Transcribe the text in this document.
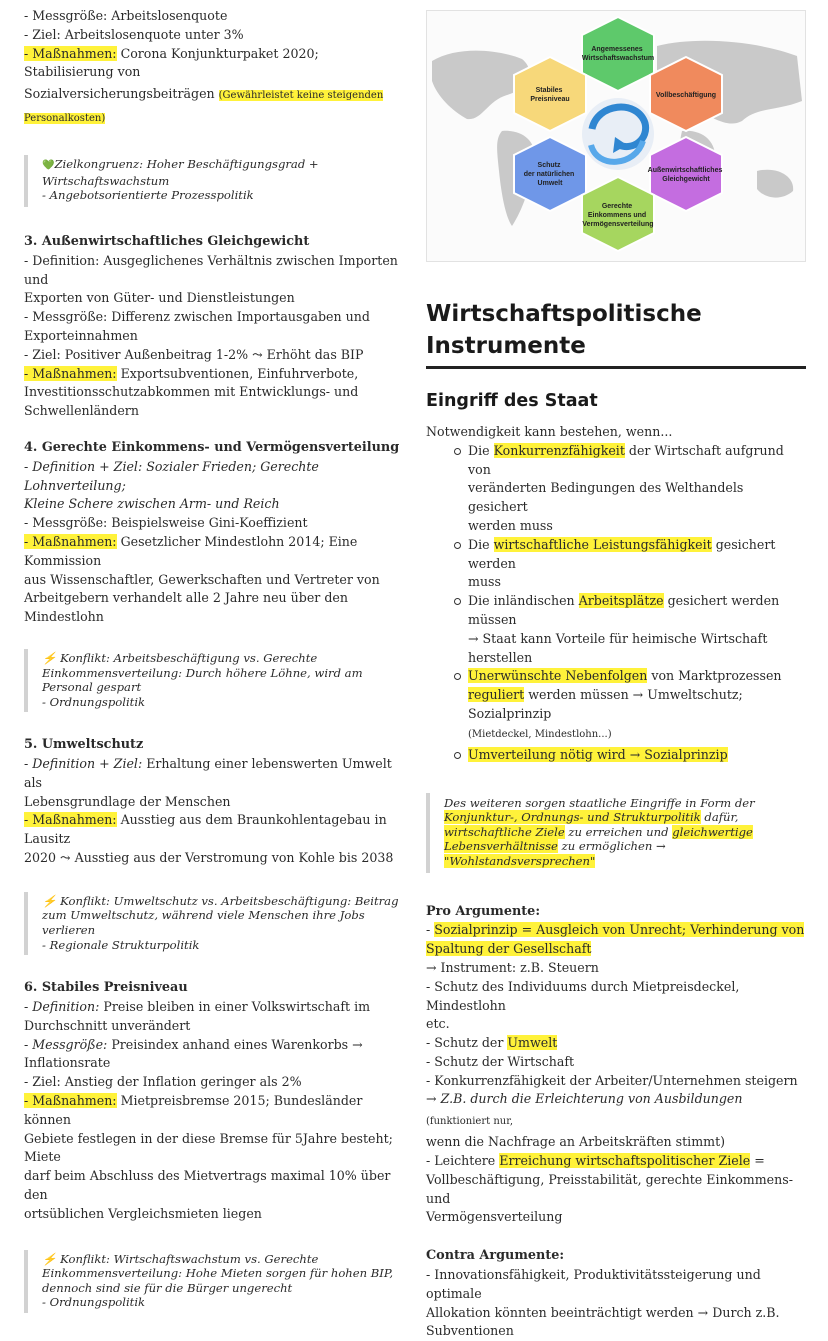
- Messgröße: Arbeitslosenquote

- Ziel: Arbeitslosenquote unter 3%

- Maßnahmen: Corona Konjunkturpaket 2020; Stabilisierung von

Sozialversicherungsbeiträgen (Gewährleistet keine steigenden

Personalkosten)

💚Zielkongruenz: Hoher Beschäftigungsgrad +
Wirtschaftswachstum
- Angebotsorientierte Prozesspolitik
3. Außenwirtschaftliches Gleichgewicht

- Definition: Ausgeglichenes Verhältnis zwischen Importen und

Exporten von Güter- und Dienstleistungen

- Messgröße: Differenz zwischen Importausgaben und

Exporteinnahmen

- Ziel: Positiver Außenbeitrag 1-2% ⤳ Erhöht das BIP

- Maßnahmen: Exportsubventionen, Einfuhrverbote,

Investitionsschutzabkommen mit Entwicklungs- und

Schwellenländern

4. Gerechte Einkommens- und Vermögensverteilung

- Definition + Ziel: Sozialer Frieden; Gerechte Lohnverteilung;

Kleine Schere zwischen Arm- und Reich

- Messgröße: Beispielsweise Gini-Koeffizient

- Maßnahmen: Gesetzlicher Mindestlohn 2014; Eine Kommission

aus Wissenschaftler, Gewerkschaften und Vertreter von

Arbeitgebern verhandelt alle 2 Jahre neu über den Mindestlohn

⚡ Konflikt: Arbeitsbeschäftigung vs. Gerechte
Einkommensverteilung: Durch höhere Löhne, wird am
Personal gespart
- Ordnungspolitik
5. Umweltschutz

- Definition + Ziel: Erhaltung einer lebenswerten Umwelt als

Lebensgrundlage der Menschen

- Maßnahmen: Ausstieg aus dem Braunkohlentagebau in Lausitz

2020 ⤳ Ausstieg aus der Verstromung von Kohle bis 2038

⚡ Konflikt: Umweltschutz vs. Arbeitsbeschäftigung: Beitrag
zum Umweltschutz, während viele Menschen ihre Jobs
verlieren
- Regionale Strukturpolitik
6. Stabiles Preisniveau

- Definition: Preise bleiben in einer Volkswirtschaft im

Durchschnitt unverändert

- Messgröße: Preisindex anhand eines Warenkorbs →

Inflationsrate

- Ziel: Anstieg der Inflation geringer als 2%

- Maßnahmen: Mietpreisbremse 2015; Bundesländer können

Gebiete festlegen in der diese Bremse für 5Jahre besteht; Miete

darf beim Abschluss des Mietvertrags maximal 10% über den

ortsüblichen Vergleichsmieten liegen

⚡ Konflikt: Wirtschaftswachstum vs. Gerechte
Einkommensverteilung: Hohe Mieten sorgen für hohen BIP,
dennoch sind sie für die Bürger ungerecht
- Ordnungspolitik
Angemessenes Wirtschaftswachstum
Stabiles Preisniveau
Vollbeschäftigung
Schutz der natürlichen Umwelt
Außenwirtschaftliches Gleichgewicht
Gerechte Einkommens und Vermögensverteilung
Wirtschaftspolitische
Instrumente
Eingriff des Staat

Notwendigkeit kann bestehen, wenn...

Die Konkurrenzfähigkeit der Wirtschaft aufgrund von
veränderten Bedingungen des Welthandels gesichert
werden muss
Die wirtschaftliche Leistungsfähigkeit gesichert werden
muss
Die inländischen Arbeitsplätze gesichert werden müssen
→ Staat kann Vorteile für heimische Wirtschaft herstellen
Unerwünschte Nebenfolgen von Marktprozessen
reguliert werden müssen → Umweltschutz; Sozialprinzip
(Mietdeckel, Mindestlohn...)
Umverteilung nötig wird → Sozialprinzip
Des weiteren sorgen staatliche Eingriffe in Form der
Konjunktur-, Ordnungs- und Strukturpolitik dafür,
wirtschaftliche Ziele zu erreichen und gleichwertige
Lebensverhältnisse zu ermöglichen →
"Wohlstandsversprechen"
Pro Argumente:

- Sozialprinzip = Ausgleich von Unrecht; Verhinderung von

Spaltung der Gesellschaft

→ Instrument: z.B. Steuern

- Schutz des Individuums durch Mietpreisdeckel, Mindestlohn

etc.

- Schutz der Umwelt

- Schutz der Wirtschaft

- Konkurrenzfähigkeit der Arbeiter/Unternehmen steigern

→ Z.B. durch die Erleichterung von Ausbildungen (funktioniert nur,

wenn die Nachfrage an Arbeitskräften stimmt)

- Leichtere Erreichung wirtschaftspolitischer Ziele =

Vollbeschäftigung, Preisstabilität, gerechte Einkommens- und

Vermögensverteilung

Contra Argumente:

- Innovationsfähigkeit, Produktivitätssteigerung und optimale

Allokation könnten beeinträchtigt werden → Durch z.B.

Subventionen
